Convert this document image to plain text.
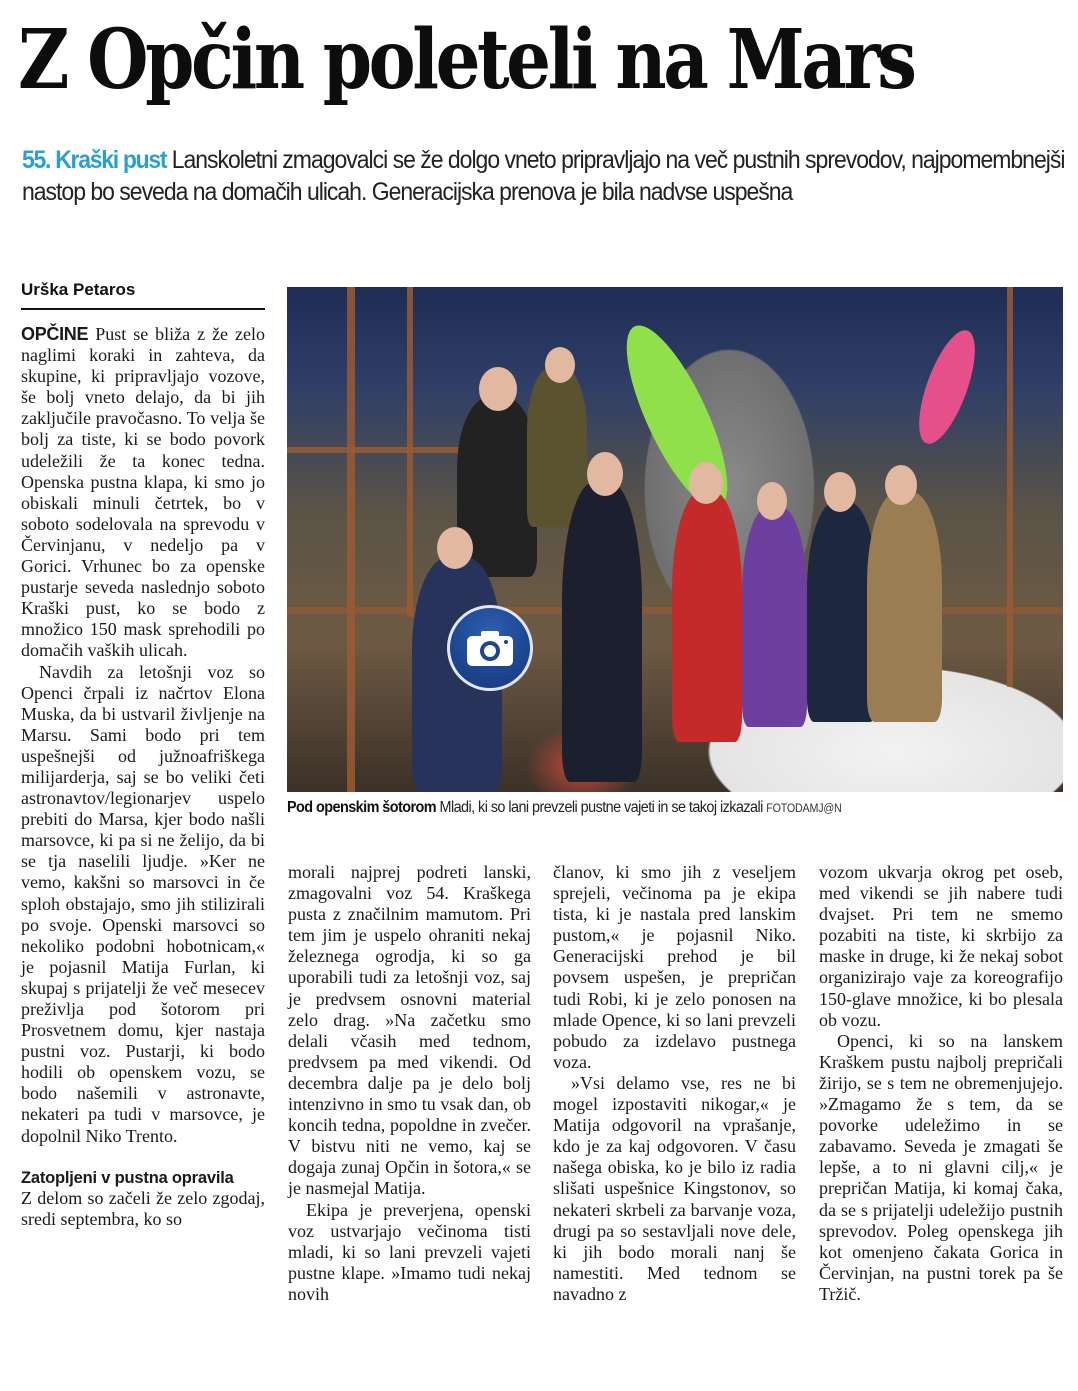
Z Opčin poleteli na Mars
55. Kraški pust Lanskoletni zmagovalci se že dolgo vneto pripravljajo na več pustnih sprevodov, najpomembnejši nastop bo seveda na domačih ulicah. Generacijska prenova je bila nadvse uspešna
Urška Petaros

OPČINE Pust se bliža z že zelo naglimi koraki in zahteva, da skupine, ki pripravljajo vozove, še bolj vneto delajo, da bi jih zaključile pravočasno. To velja še bolj za tiste, ki se bodo povork udeležili že ta konec tedna. Openska pustna klapa, ki smo jo obiskali minuli četrtek, bo v soboto sodelovala na sprevodu v Červinjanu, v nedeljo pa v Gorici. Vrhunec bo za openske pustarje seveda naslednjo soboto Kraški pust, ko se bodo z množico 150 mask sprehodili po domačih vaških ulicah.

Navdih za letošnji voz so Openci črpali iz načrtov Elona Muska, da bi ustvaril življenje na Marsu. Sami bodo pri tem uspešnejši od južnoafriškega milijarderja, saj se bo veliki četi astronavtov/legionarjev uspelo prebiti do Marsa, kjer bodo našli marsovce, ki pa si ne želijo, da bi se tja naselili ljudje. »Ker ne vemo, kakšni so marsovci in če sploh obstajajo, smo jih stilizirali po svoje. Openski marsovci so nekoliko podobni hobotnicam,« je pojasnil Matija Furlan, ki skupaj s prijatelji že več mesecev preživlja pod šotorom pri Prosvetnem domu, kjer nastaja pustni voz. Pustarji, ki bodo hodili ob openskem vozu, se bodo našemili v astronavte, nekateri pa tudi v marsovce, je dopolnil Niko Trento.

Zatopljeni v pustna opravila

Z delom so začeli že zelo zgodaj, sredi septembra, ko so

Pod openskim šotorom Mladi, ki so lani prevzeli pustne vajeti in se takoj izkazali FOTODAMJ@N

morali najprej podreti lanski, zmagovalni voz 54. Kraškega pusta z značilnim mamutom. Pri tem jim je uspelo ohraniti nekaj železnega ogrodja, ki so ga uporabili tudi za letošnji voz, saj je predvsem osnovni material zelo drag. »Na začetku smo delali včasih med tednom, predvsem pa med vikendi. Od decembra dalje pa je delo bolj intenzivno in smo tu vsak dan, ob koncih tedna, popoldne in zvečer. V bistvu niti ne vemo, kaj se dogaja zunaj Opčin in šotora,« se je nasmejal Matija.

Ekipa je preverjena, openski voz ustvarjajo večinoma tisti mladi, ki so lani prevzeli vajeti pustne klape. »Imamo tudi nekaj novih

članov, ki smo jih z veseljem sprejeli, večinoma pa je ekipa tista, ki je nastala pred lanskim pustom,« je pojasnil Niko. Generacijski prehod je bil povsem uspešen, je prepričan tudi Robi, ki je zelo ponosen na mlade Opence, ki so lani prevzeli pobudo za izdelavo pustnega voza.

»Vsi delamo vse, res ne bi mogel izpostaviti nikogar,« je Matija odgovoril na vprašanje, kdo je za kaj odgovoren. V času našega obiska, ko je bilo iz radia slišati uspešnice Kingstonov, so nekateri skrbeli za barvanje voza, drugi pa so sestavljali nove dele, ki jih bodo morali nanj še namestiti. Med tednom se navadno z

vozom ukvarja okrog pet oseb, med vikendi se jih nabere tudi dvajset. Pri tem ne smemo pozabiti na tiste, ki skrbijo za maske in druge, ki že nekaj sobot organizirajo vaje za koreografijo 150-glave množice, ki bo plesala ob vozu.

Openci, ki so na lanskem Kraškem pustu najbolj prepričali žirijo, se s tem ne obremenjujejo. »Zmagamo že s tem, da se povorke udeležimo in se zabavamo. Seveda je zmagati še lepše, a to ni glavni cilj,« je prepričan Matija, ki komaj čaka, da se s prijatelji udeležijo pustnih sprevodov. Poleg openskega jih kot omenjeno čakata Gorica in Červinjan, na pustni torek pa še Tržič.
